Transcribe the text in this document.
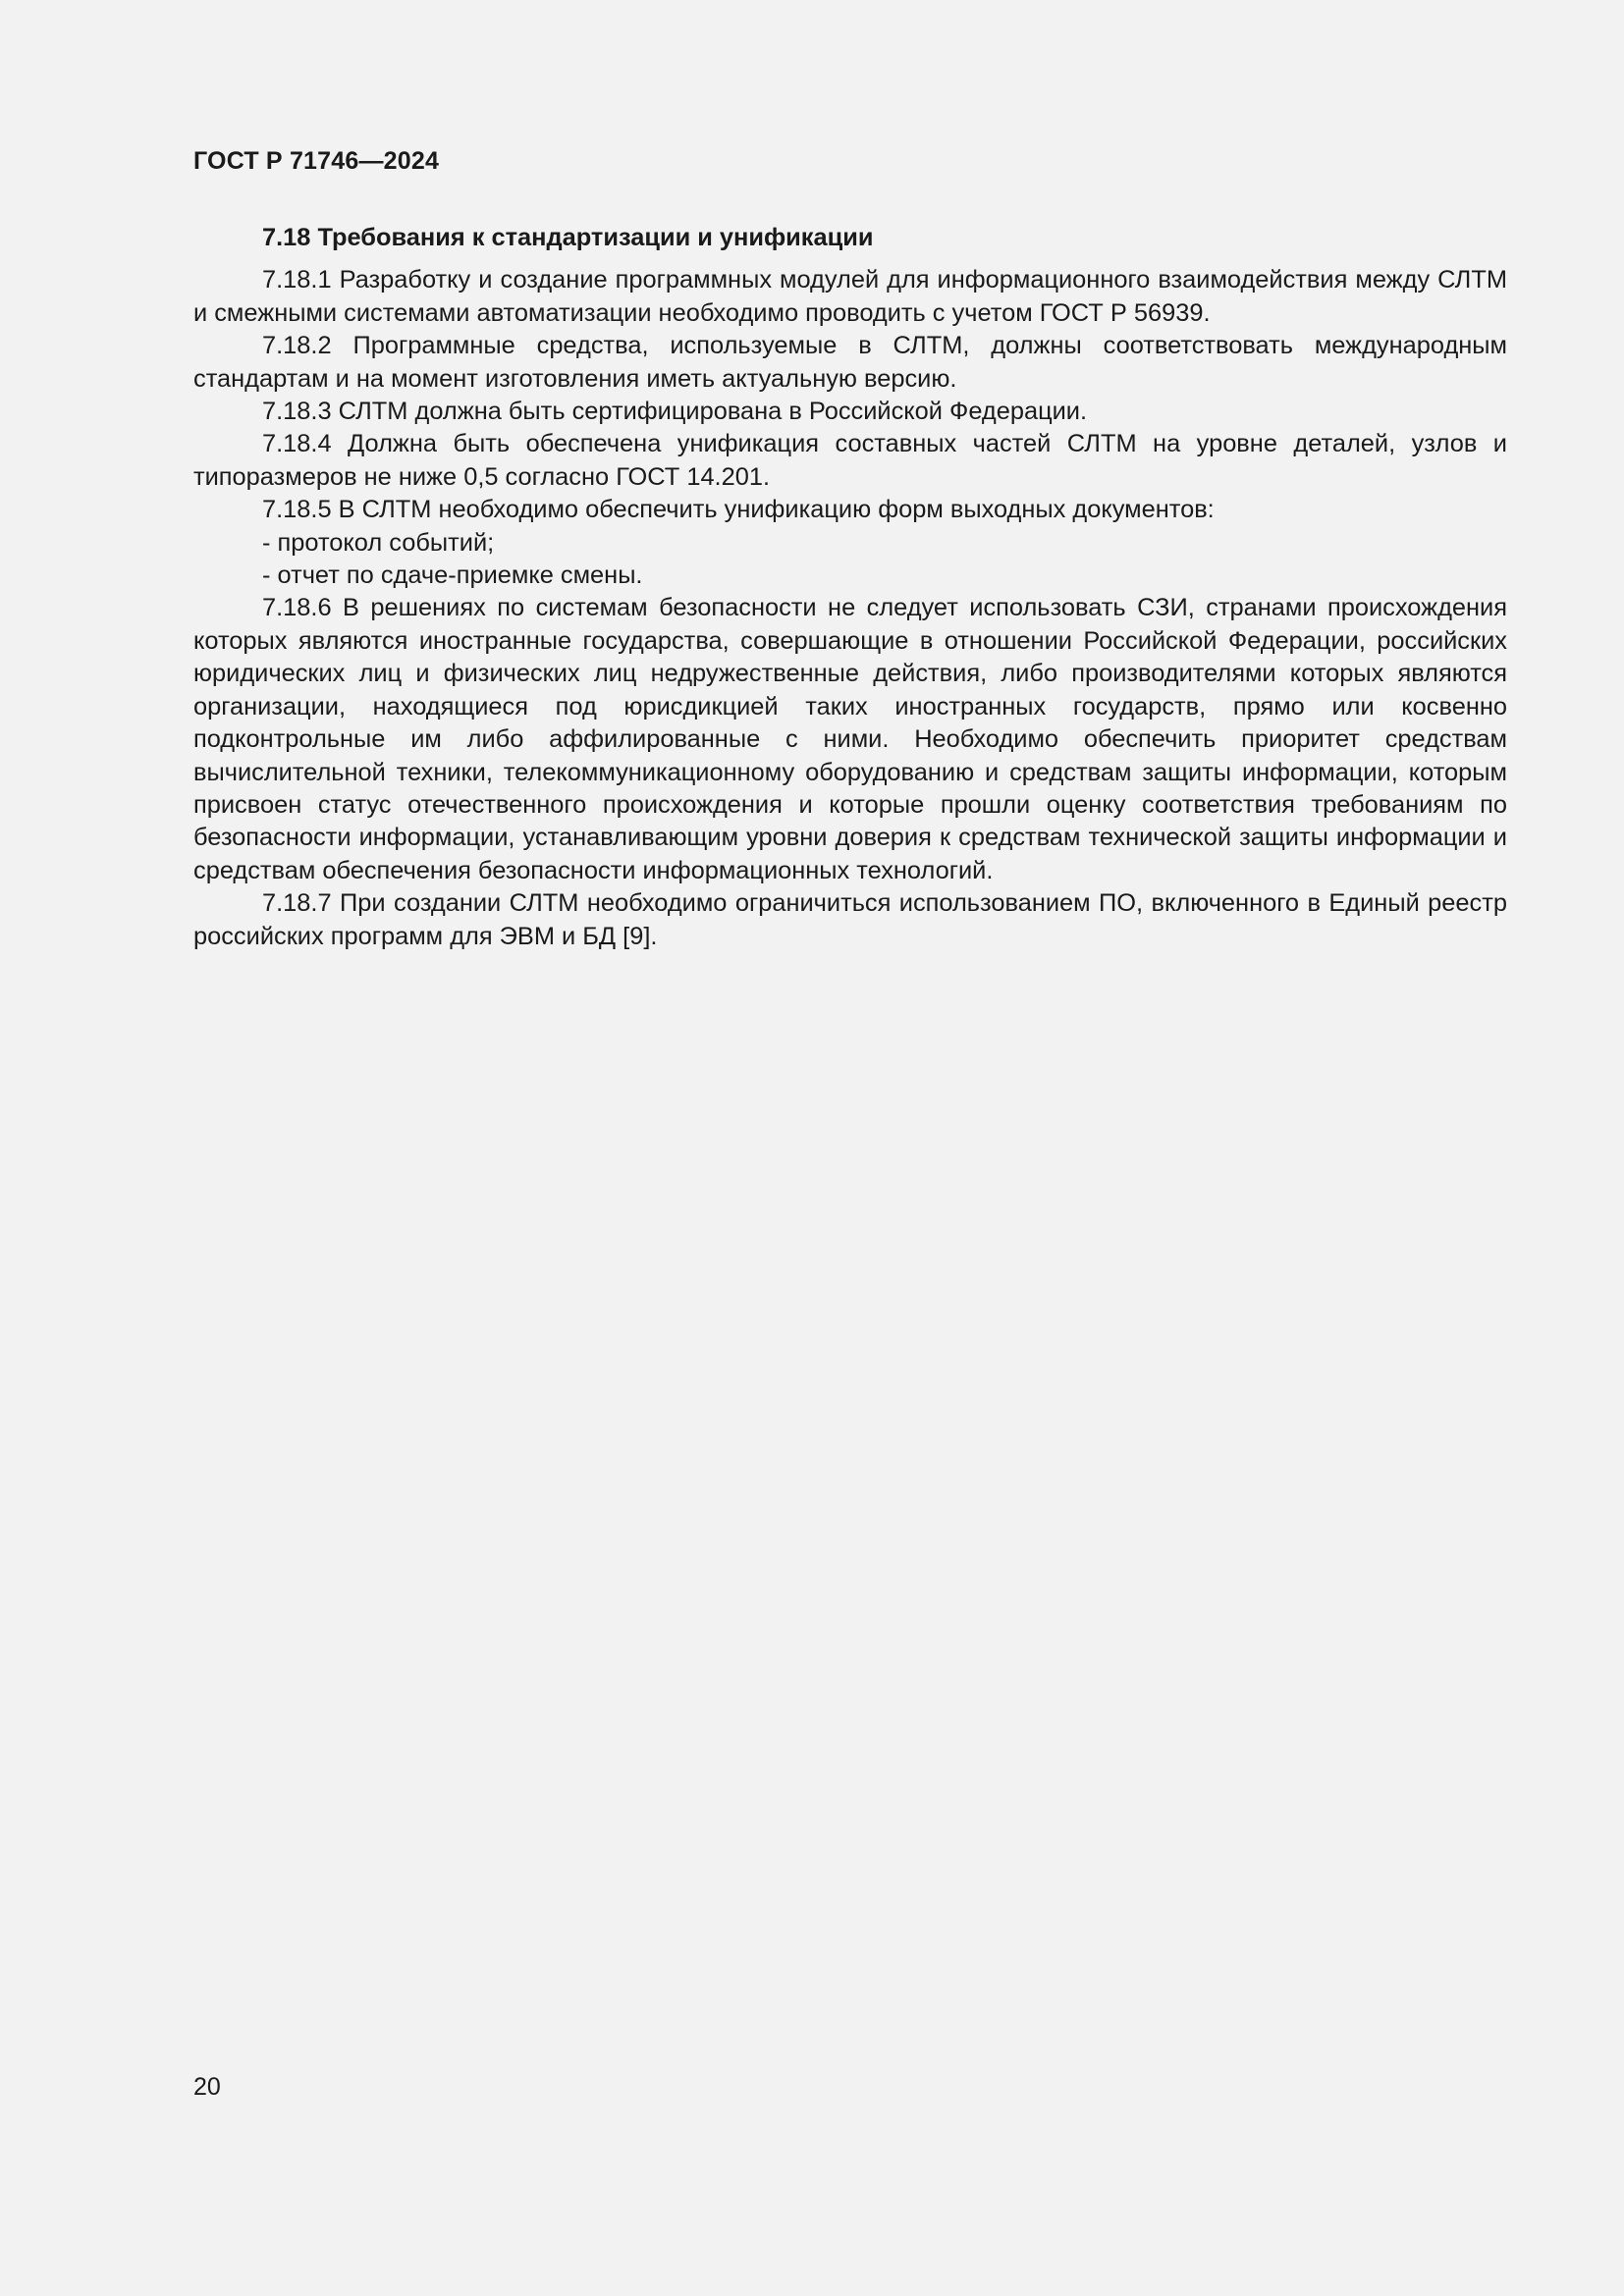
ГОСТ Р 71746—2024
7.18 Требования к стандартизации и унификации

7.18.1 Разработку и создание программных модулей для информационного взаимодействия между СЛТМ и смежными системами автоматизации необходимо проводить с учетом ГОСТ Р 56939.

7.18.2 Программные средства, используемые в СЛТМ, должны соответствовать международным стандартам и на момент изготовления иметь актуальную версию.

7.18.3 СЛТМ должна быть сертифицирована в Российской Федерации.

7.18.4 Должна быть обеспечена унификация составных частей СЛТМ на уровне деталей, узлов и типоразмеров не ниже 0,5 согласно ГОСТ 14.201.

7.18.5 В СЛТМ необходимо обеспечить унификацию форм выходных документов:

- протокол событий;

- отчет по сдаче-приемке смены.

7.18.6 В решениях по системам безопасности не следует использовать СЗИ, странами происхождения которых являются иностранные государства, совершающие в отношении Российской Федерации, российских юридических лиц и физических лиц недружественные действия, либо производителями которых являются организации, находящиеся под юрисдикцией таких иностранных государств, прямо или косвенно подконтрольные им либо аффилированные с ними. Необходимо обеспечить приоритет средствам вычислительной техники, телекоммуникационному оборудованию и средствам защиты информации, которым присвоен статус отечественного происхождения и которые прошли оценку соответствия требованиям по безопасности информации, устанавливающим уровни доверия к средствам технической защиты информации и средствам обеспечения безопасности информационных технологий.

7.18.7 При создании СЛТМ необходимо ограничиться использованием ПО, включенного в Единый реестр российских программ для ЭВМ и БД [9].

20
